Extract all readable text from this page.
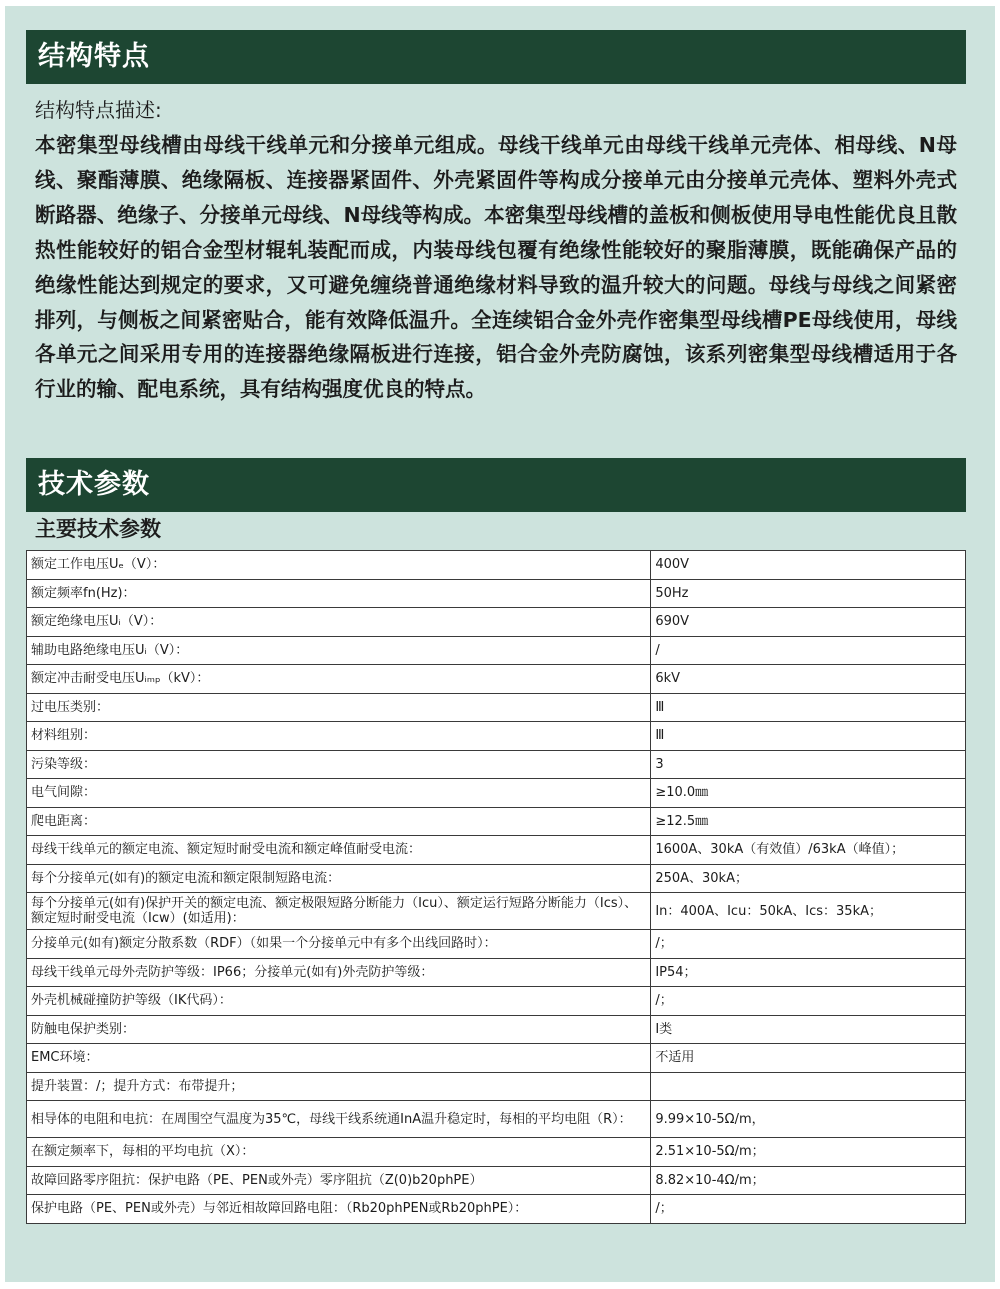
结构特点
结构特点描述:
本密集型母线槽由母线干线单元和分接单元组成。母线干线单元由母线干线单元壳体、相母线、N母线、聚酯薄膜、绝缘隔板、连接器紧固件、外壳紧固件等构成分接单元由分接单元壳体、塑料外壳式断路器、绝缘子、分接单元母线、N母线等构成。本密集型母线槽的盖板和侧板使用导电性能优良且散热性能较好的铝合金型材辊轧装配而成，内装母线包覆有绝缘性能较好的聚脂薄膜，既能确保产品的绝缘性能达到规定的要求，又可避免缠绕普通绝缘材料导致的温升较大的问题。母线与母线之间紧密排列，与侧板之间紧密贴合，能有效降低温升。全连续铝合金外壳作密集型母线槽PE母线使用，母线各单元之间采用专用的连接器绝缘隔板进行连接，铝合金外壳防腐蚀，该系列密集型母线槽适用于各行业的输、配电系统，具有结构强度优良的特点。
技术参数
主要技术参数
额定工作电压Uₑ（V）：	400V
额定频率fn(Hz)：	50Hz
额定绝缘电压Uᵢ（V）：	690V
辅助电路绝缘电压Uᵢ（V）：	/
额定冲击耐受电压Uᵢₘₚ（kV）：	6kV
过电压类别：	Ⅲ
材料组别：	Ⅲ
污染等级：	3
电气间隙：	≥10.0㎜
爬电距离：	≥12.5㎜
母线干线单元的额定电流、额定短时耐受电流和额定峰值耐受电流：	1600A、30kA（有效值）/63kA（峰值）；
每个分接单元(如有)的额定电流和额定限制短路电流：	250A、30kA；
每个分接单元(如有)保护开关的额定电流、额定极限短路分断能力（Icu）、额定运行短路分断能力（Ics）、额定短时耐受电流（Icw）(如适用)：	In：400A、Icu：50kA、Ics：35kA；
分接单元(如有)额定分散系数（RDF）（如果一个分接单元中有多个出线回路时）：	/；
母线干线单元母外壳防护等级：IP66；分接单元(如有)外壳防护等级：	IP54；
外壳机械碰撞防护等级（IK代码）：	/；
防触电保护类别：	Ⅰ类
EMC环境：	不适用
提升装置：/；提升方式：布带提升；	
相导体的电阻和电抗：在周围空气温度为35℃，母线干线系统通InA温升稳定时，每相的平均电阻（R）：	9.99×10-5Ω/m，
在额定频率下，每相的平均电抗（X）：	2.51×10-5Ω/m；
故障回路零序阻抗：保护电路（PE、PEN或外壳）零序阻抗（Z(0)b20phPE）	8.82×10-4Ω/m；
保护电路（PE、PEN或外壳）与邻近相故障回路电阻：（Rb20phPEN或Rb20phPE）：	/；
